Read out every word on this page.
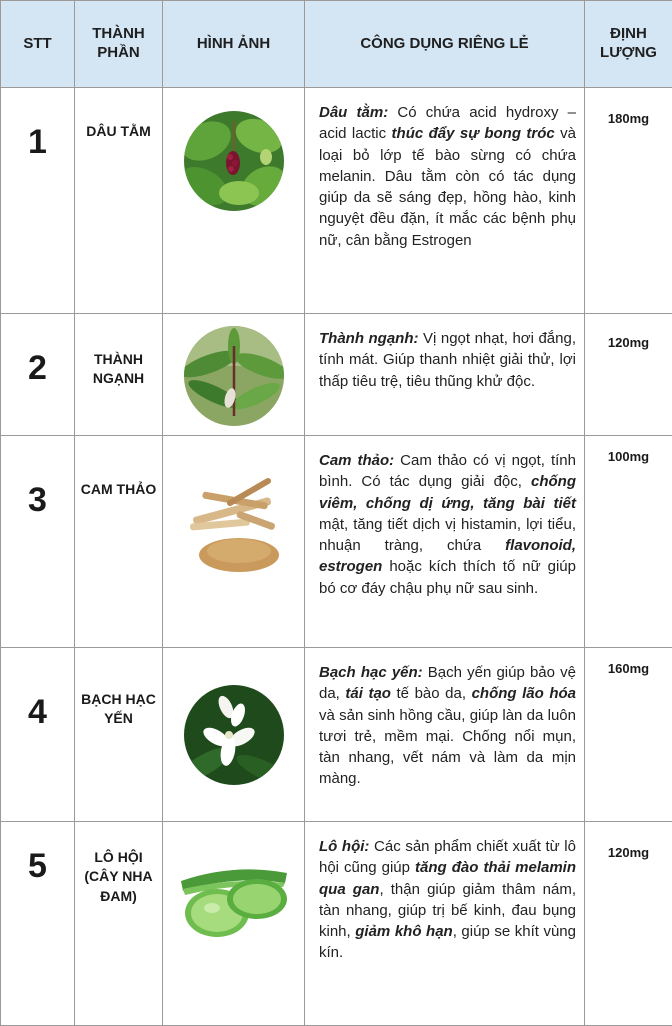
STT	THÀNH PHẦN	HÌNH ẢNH	CÔNG DỤNG RIÊNG LẺ	ĐỊNH LƯỢNG

1	DÂU TẰM		Dâu tằm: Có chứa acid hydroxy – acid lactic thúc đẩy sự bong tróc và loại bỏ lớp tế bào sừng có chứa melanin. Dâu tằm còn có tác dụng giúp da sẽ sáng đẹp, hồng hào, kinh nguyệt đều đặn, ít mắc các bệnh phụ nữ, cân bằng Estrogen	180mg

2	THÀNH NGẠNH		Thành ngạnh: Vị ngọt nhạt, hơi đắng, tính mát. Giúp thanh nhiệt giải thử, lợi thấp tiêu trệ, tiêu thũng khử độc.	120mg

3	CAM THẢO		Cam thảo: Cam thảo có vị ngọt, tính bình. Có tác dụng giải độc, chống viêm, chống dị ứng, tăng bài tiết mật, tăng tiết dịch vị histamin, lợi tiểu, nhuận tràng, chứa flavonoid, estrogen hoặc kích thích tố nữ giúp bó cơ đáy chậu phụ nữ sau sinh.	100mg

4	BẠCH HẠC YẾN		Bạch hạc yến: Bạch yến giúp bảo vệ da, tái tạo tế bào da, chống lão hóa và sản sinh hồng cầu, giúp làn da luôn tươi trẻ, mềm mại. Chống nổi mụn, tàn nhang, vết nám và làm da mịn màng.	160mg

5	LÔ HỘI (CÂY NHA ĐAM)		Lô hội: Các sản phẩm chiết xuất từ lô hội cũng giúp tăng đào thải melamin qua gan, thận giúp giảm thâm nám, tàn nhang, giúp trị bế kinh, đau bụng kinh, giảm khô hạn, giúp se khít vùng kín.	120mg
